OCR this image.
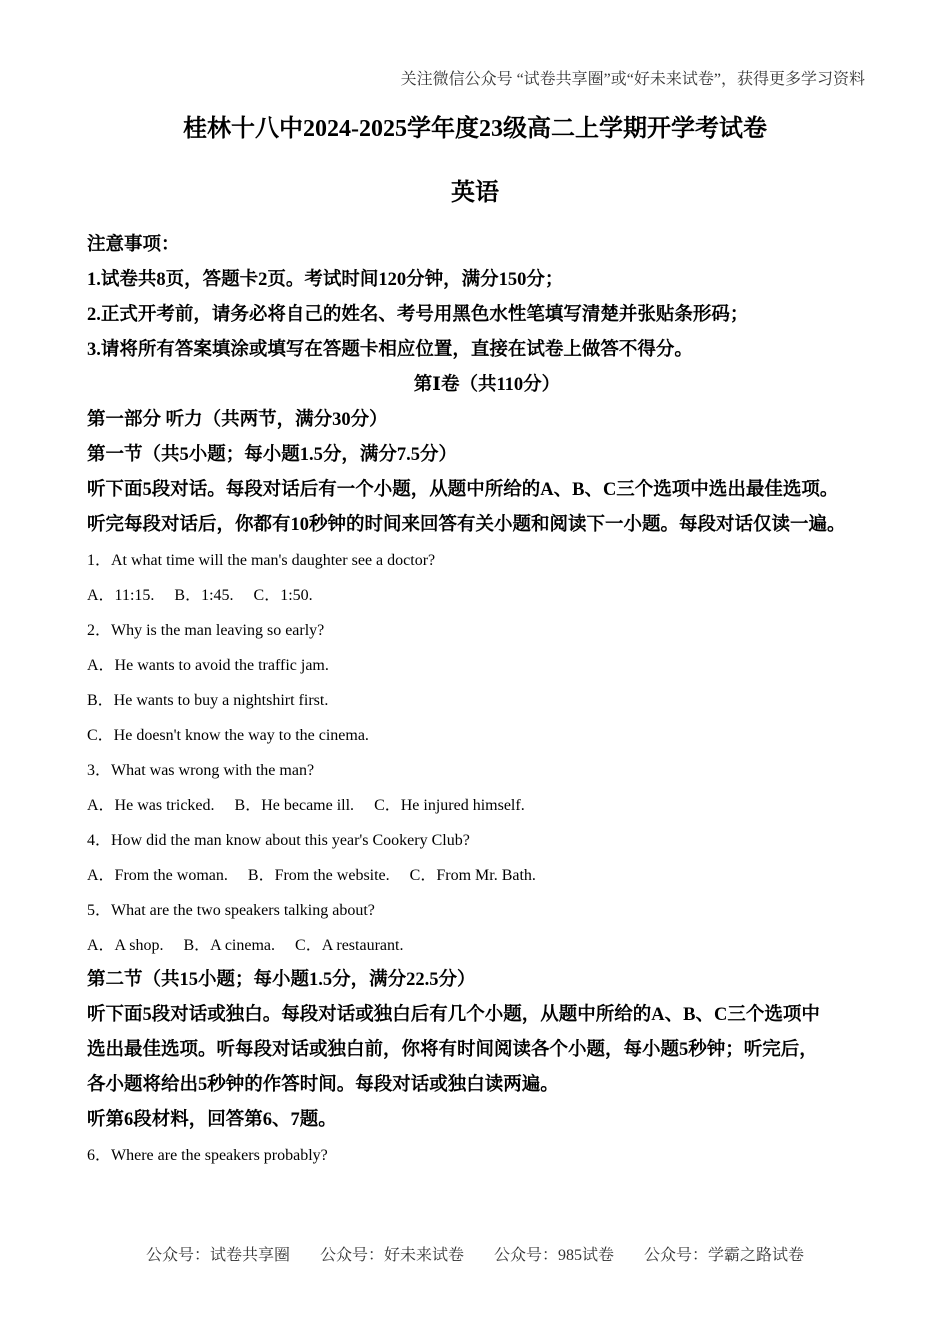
关注微信公众号 “试卷共享圈”或“好未来试卷”，获得更多学习资料
桂林十八中2024-2025学年度23级高二上学期开学考试卷
英语
注意事项：
1.试卷共8页，答题卡2页。考试时间120分钟，满分150分；
2.正式开考前，请务必将自己的姓名、考号用黑色水性笔填写清楚并张贴条形码；
3.请将所有答案填涂或填写在答题卡相应位置，直接在试卷上做答不得分。
第Ⅰ卷（共110分）
第一部分 听力（共两节，满分30分）
第一节（共5小题；每小题1.5分，满分7.5分）
听下面5段对话。每段对话后有一个小题，从题中所给的A、B、C三个选项中选出最佳选项。
听完每段对话后，你都有10秒钟的时间来回答有关小题和阅读下一小题。每段对话仅读一遍。
1．At what time will the man's daughter see a doctor?
A．11:15. B．1:45. C．1:50.
2．Why is the man leaving so early?
A．He wants to avoid the traffic jam.
B．He wants to buy a nightshirt first.
C．He doesn't know the way to the cinema.
3．What was wrong with the man?
A．He was tricked. B．He became ill. C．He injured himself.
4．How did the man know about this year's Cookery Club?
A．From the woman. B．From the website. C．From Mr. Bath.
5．What are the two speakers talking about?
A．A shop. B．A cinema. C．A restaurant.
第二节（共15小题；每小题1.5分，满分22.5分）
听下面5段对话或独白。每段对话或独白后有几个小题，从题中所给的A、B、C三个选项中
选出最佳选项。听每段对话或独白前，你将有时间阅读各个小题，每小题5秒钟；听完后，
各小题将给出5秒钟的作答时间。每段对话或独白读两遍。
听第6段材料，回答第6、7题。
6．Where are the speakers probably?
公众号：试卷共享圈 公众号：好未来试卷 公众号：985试卷 公众号：学霸之路试卷
